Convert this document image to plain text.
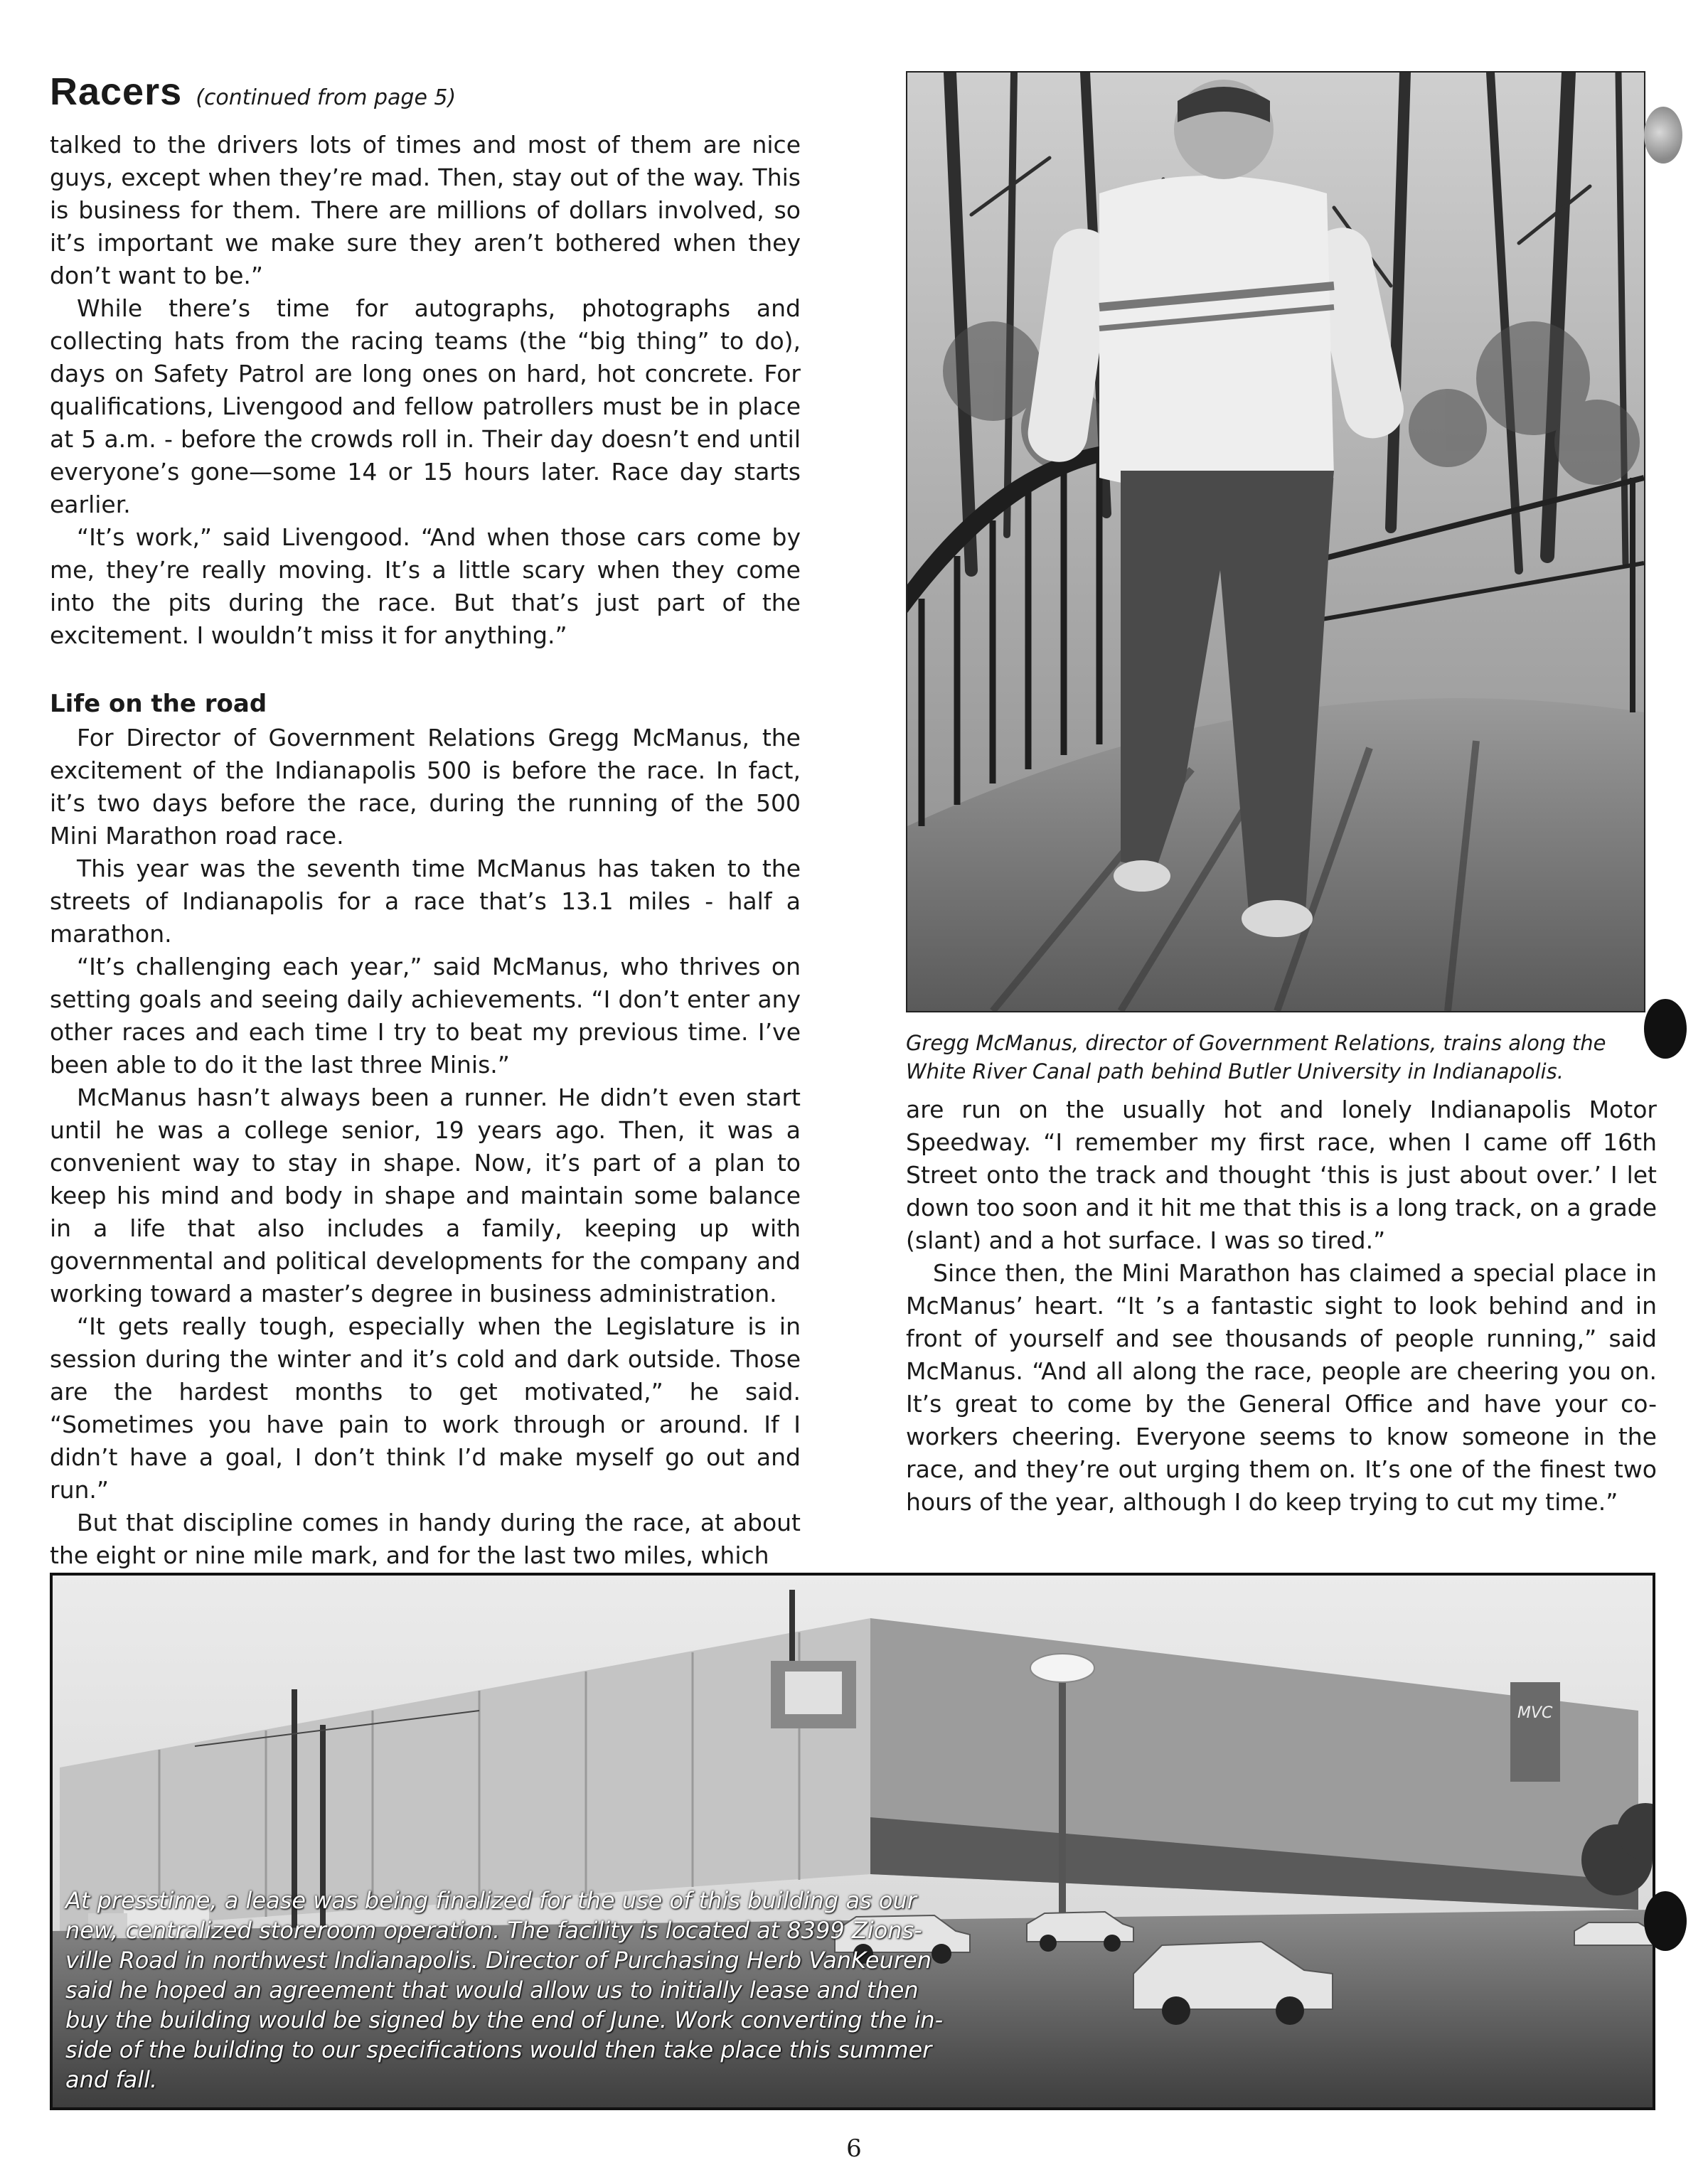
Racers (continued from page 5)

talked to the drivers lots of times and most of them are nice guys, except when they’re mad. Then, stay out of the way. This is business for them. There are millions of dollars involved, so it’s important we make sure they aren’t bothered when they don’t want to be.”

While there’s time for autographs, photographs and collecting hats from the racing teams (the “big thing” to do), days on Safety Patrol are long ones on hard, hot concrete. For qualifications, Livengood and fellow patrollers must be in place at 5 a.m. - before the crowds roll in. Their day doesn’t end until everyone’s gone—some 14 or 15 hours later. Race day starts earlier.

“It’s work,” said Livengood. “And when those cars come by me, they’re really moving. It’s a little scary when they come into the pits during the race. But that’s just part of the excitement. I wouldn’t miss it for anything.”

Life on the road

For Director of Government Relations Gregg McManus, the excitement of the Indianapolis 500 is before the race. In fact, it’s two days before the race, during the running of the 500 Mini Marathon road race.

This year was the seventh time McManus has taken to the streets of Indianapolis for a race that’s 13.1 miles - half a marathon.

“It’s challenging each year,” said McManus, who thrives on setting goals and seeing daily achievements. “I don’t enter any other races and each time I try to beat my previous time. I’ve been able to do it the last three Minis.”

McManus hasn’t always been a runner. He didn’t even start until he was a college senior, 19 years ago. Then, it was a convenient way to stay in shape. Now, it’s part of a plan to keep his mind and body in shape and maintain some balance in a life that also includes a family, keeping up with governmental and political developments for the company and working toward a master’s degree in business administration.

“It gets really tough, especially when the Legislature is in session during the winter and it’s cold and dark outside. Those are the hardest months to get motivated,” he said. “Sometimes you have pain to work through or around. If I didn’t have a goal, I don’t think I’d make myself go out and run.”

But that discipline comes in handy during the race, at about the eight or nine mile mark, and for the last two miles, which

Gregg McManus, director of Government Relations, trains along the
White River Canal path behind Butler University in Indianapolis.

are run on the usually hot and lonely Indianapolis Motor Speedway. “I remember my first race, when I came off 16th Street onto the track and thought ‘this is just about over.’ I let down too soon and it hit me that this is a long track, on a grade (slant) and a hot surface. I was so tired.”

Since then, the Mini Marathon has claimed a special place in McManus’ heart. “It ’s a fantastic sight to look behind and in front of yourself and see thousands of people running,” said McManus. “And all along the race, people are cheering you on. It’s great to come by the General Office and have your co-workers cheering. Everyone seems to know someone in the race, and they’re out urging them on. It’s one of the finest two hours of the year, although I do keep trying to cut my time.”

MVC

At presstime, a lease was being finalized for the use of this building as our
new, centralized storeroom operation. The facility is located at 8399 Zions-
ville Road in northwest Indianapolis. Director of Purchasing Herb VanKeuren
said he hoped an agreement that would allow us to initially lease and then
buy the building would be signed by the end of June. Work converting the in-
side of the building to our specifications would then take place this summer
and fall.

6
